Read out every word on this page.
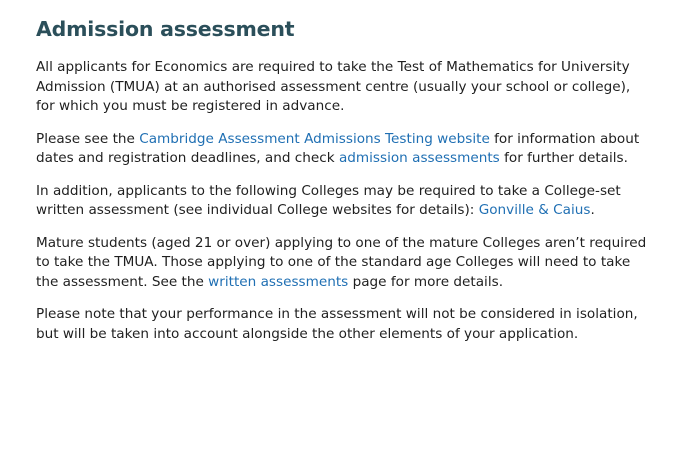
Admission assessment

All applicants for Economics are required to take the Test of Mathematics for University Admission (TMUA) at an authorised assessment centre (usually your school or college), for which you must be registered in advance.

Please see the Cambridge Assessment Admissions Testing website for information about dates and registration deadlines, and check admission assessments for further details.

In addition, applicants to the following Colleges may be required to take a College-set written assessment (see individual College websites for details): Gonville & Caius.

Mature students (aged 21 or over) applying to one of the mature Colleges aren’t required to take the TMUA. Those applying to one of the standard age Colleges will need to take the assessment. See the written assessments page for more details.

Please note that your performance in the assessment will not be considered in isolation, but will be taken into account alongside the other elements of your application.
